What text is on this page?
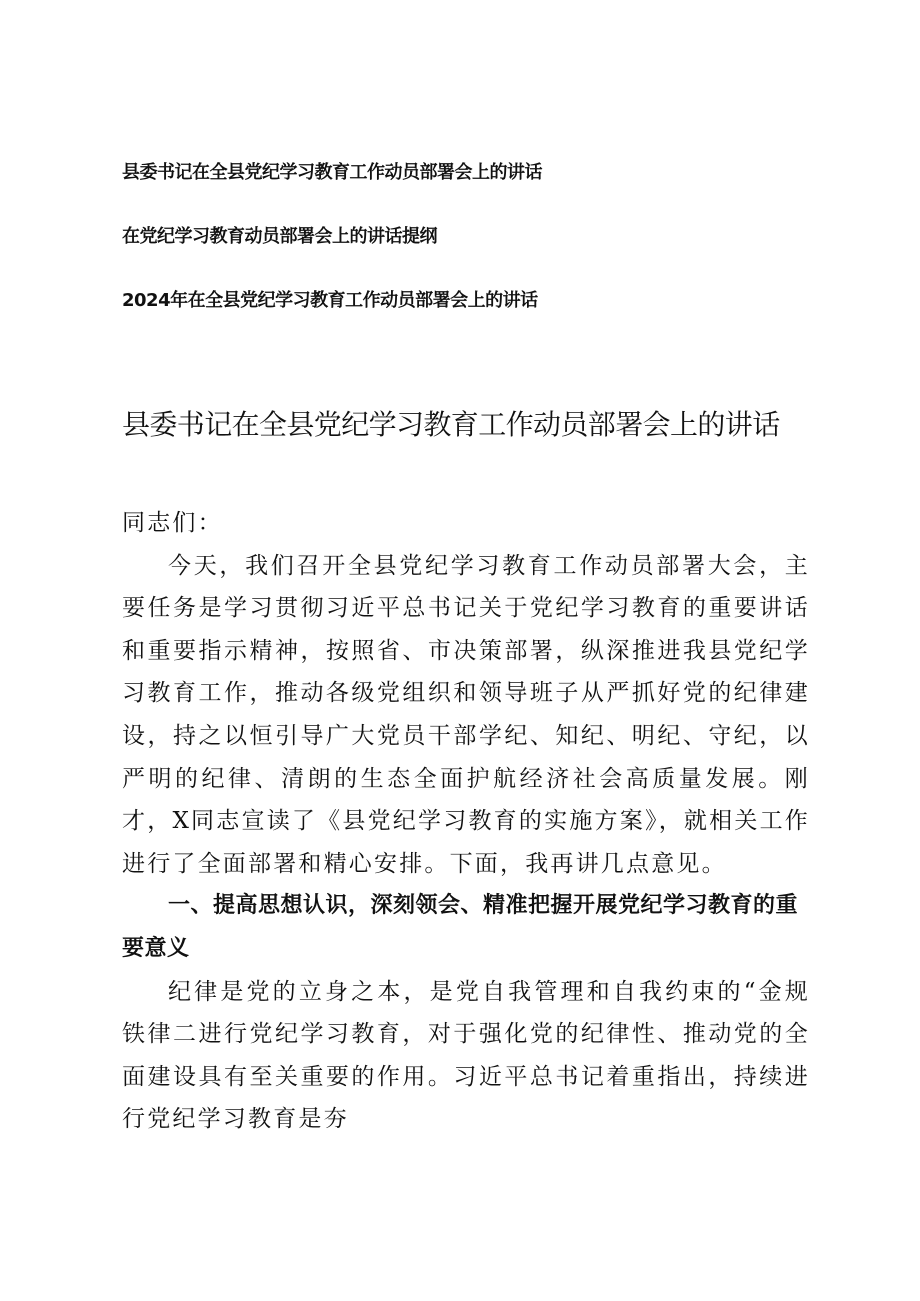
县委书记在全县党纪学习教育工作动员部署会上的讲话
在党纪学习教育动员部署会上的讲话提纲
2024年在全县党纪学习教育工作动员部署会上的讲话
县委书记在全县党纪学习教育工作动员部署会上的讲话

同志们：

今天，我们召开全县党纪学习教育工作动员部署大会，主要任务是学习贯彻习近平总书记关于党纪学习教育的重要讲话和重要指示精神，按照省、市决策部署，纵深推进我县党纪学习教育工作，推动各级党组织和领导班子从严抓好党的纪律建设，持之以恒引导广大党员干部学纪、知纪、明纪、守纪，以严明的纪律、清朗的生态全面护航经济社会高质量发展。刚才，X同志宣读了《县党纪学习教育的实施方案》，就相关工作进行了全面部署和精心安排。下面，我再讲几点意见。

一、提高思想认识，深刻领会、精准把握开展党纪学习教育的重要意义

纪律是党的立身之本，是党自我管理和自我约束的“金规铁律二进行党纪学习教育，对于强化党的纪律性、推动党的全面建设具有至关重要的作用。习近平总书记着重指出，持续进行党纪学习教育是夯
